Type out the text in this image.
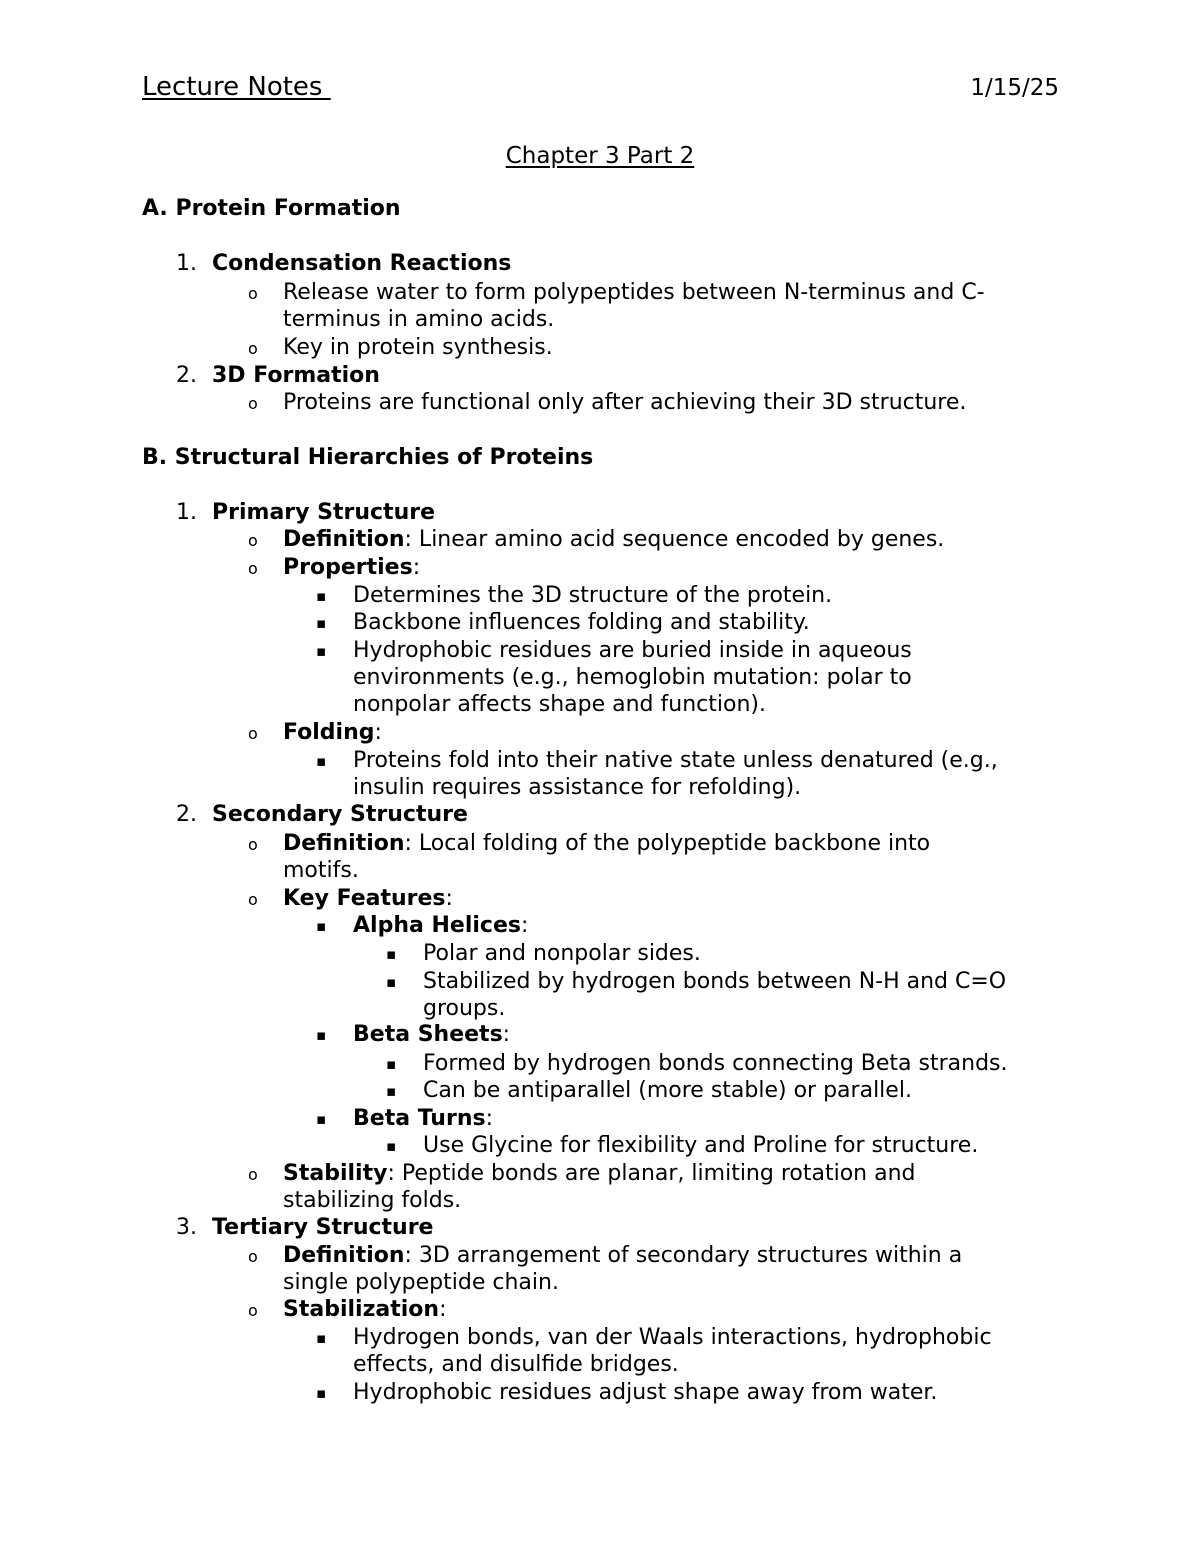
Lecture Notes	1/15/25
Chapter 3 Part 2
A. Protein Formation
1. Condensation Reactions
o Release water to form polypeptides between N-terminus and C-
terminus in amino acids.
o Key in protein synthesis.
2. 3D Formation
o Proteins are functional only after achieving their 3D structure.
B. Structural Hierarchies of Proteins
1. Primary Structure
o Definition: Linear amino acid sequence encoded by genes.
o Properties:
▪ Determines the 3D structure of the protein.
▪ Backbone influences folding and stability.
▪ Hydrophobic residues are buried inside in aqueous
environments (e.g., hemoglobin mutation: polar to
nonpolar affects shape and function).
o Folding:
▪ Proteins fold into their native state unless denatured (e.g.,
insulin requires assistance for refolding).
2. Secondary Structure
o Definition: Local folding of the polypeptide backbone into
motifs.
o Key Features:
▪ Alpha Helices:
▪ Polar and nonpolar sides.
▪ Stabilized by hydrogen bonds between N-H and C=O
groups.
▪ Beta Sheets:
▪ Formed by hydrogen bonds connecting Beta strands.
▪ Can be antiparallel (more stable) or parallel.
▪ Beta Turns:
▪ Use Glycine for flexibility and Proline for structure.
o Stability: Peptide bonds are planar, limiting rotation and
stabilizing folds.
3. Tertiary Structure
o Definition: 3D arrangement of secondary structures within a
single polypeptide chain.
o Stabilization:
▪ Hydrogen bonds, van der Waals interactions, hydrophobic
effects, and disulfide bridges.
▪ Hydrophobic residues adjust shape away from water.
